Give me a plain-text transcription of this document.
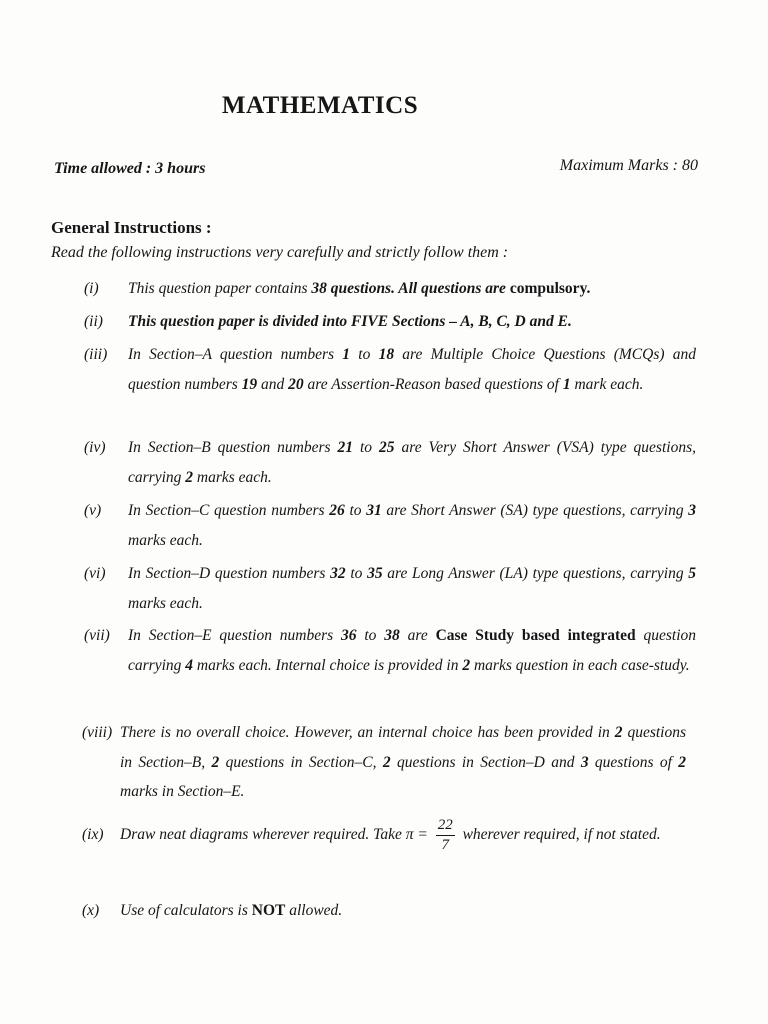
MATHEMATICS
Time allowed : 3 hours	Maximum Marks : 80
General Instructions :
Read the following instructions very carefully and strictly follow them :
(i)	This question paper contains 38 questions. All questions are compulsory.
(ii)	This question paper is divided into FIVE Sections – A, B, C, D and E.
(iii)	In Section–A question numbers 1 to 18 are Multiple Choice Questions (MCQs) and question numbers 19 and 20 are Assertion-Reason based questions of 1 mark each.
(iv)	In Section–B question numbers 21 to 25 are Very Short Answer (VSA) type questions, carrying 2 marks each.
(v)	In Section–C question numbers 26 to 31 are Short Answer (SA) type questions, carrying 3 marks each.
(vi)	In Section–D question numbers 32 to 35 are Long Answer (LA) type questions, carrying 5 marks each.
(vii)	In Section–E question numbers 36 to 38 are Case Study based integrated question carrying 4 marks each. Internal choice is provided in 2 marks question in each case-study.
(viii) There is no overall choice. However, an internal choice has been provided in 2 questions in Section–B, 2 questions in Section–C, 2 questions in Section–D and 3 questions of 2 marks in Section–E.
(ix)	Draw neat diagrams wherever required. Take $\pi = \frac{22}{7}$ wherever required, if not stated.
(x)	Use of calculators is NOT allowed.
